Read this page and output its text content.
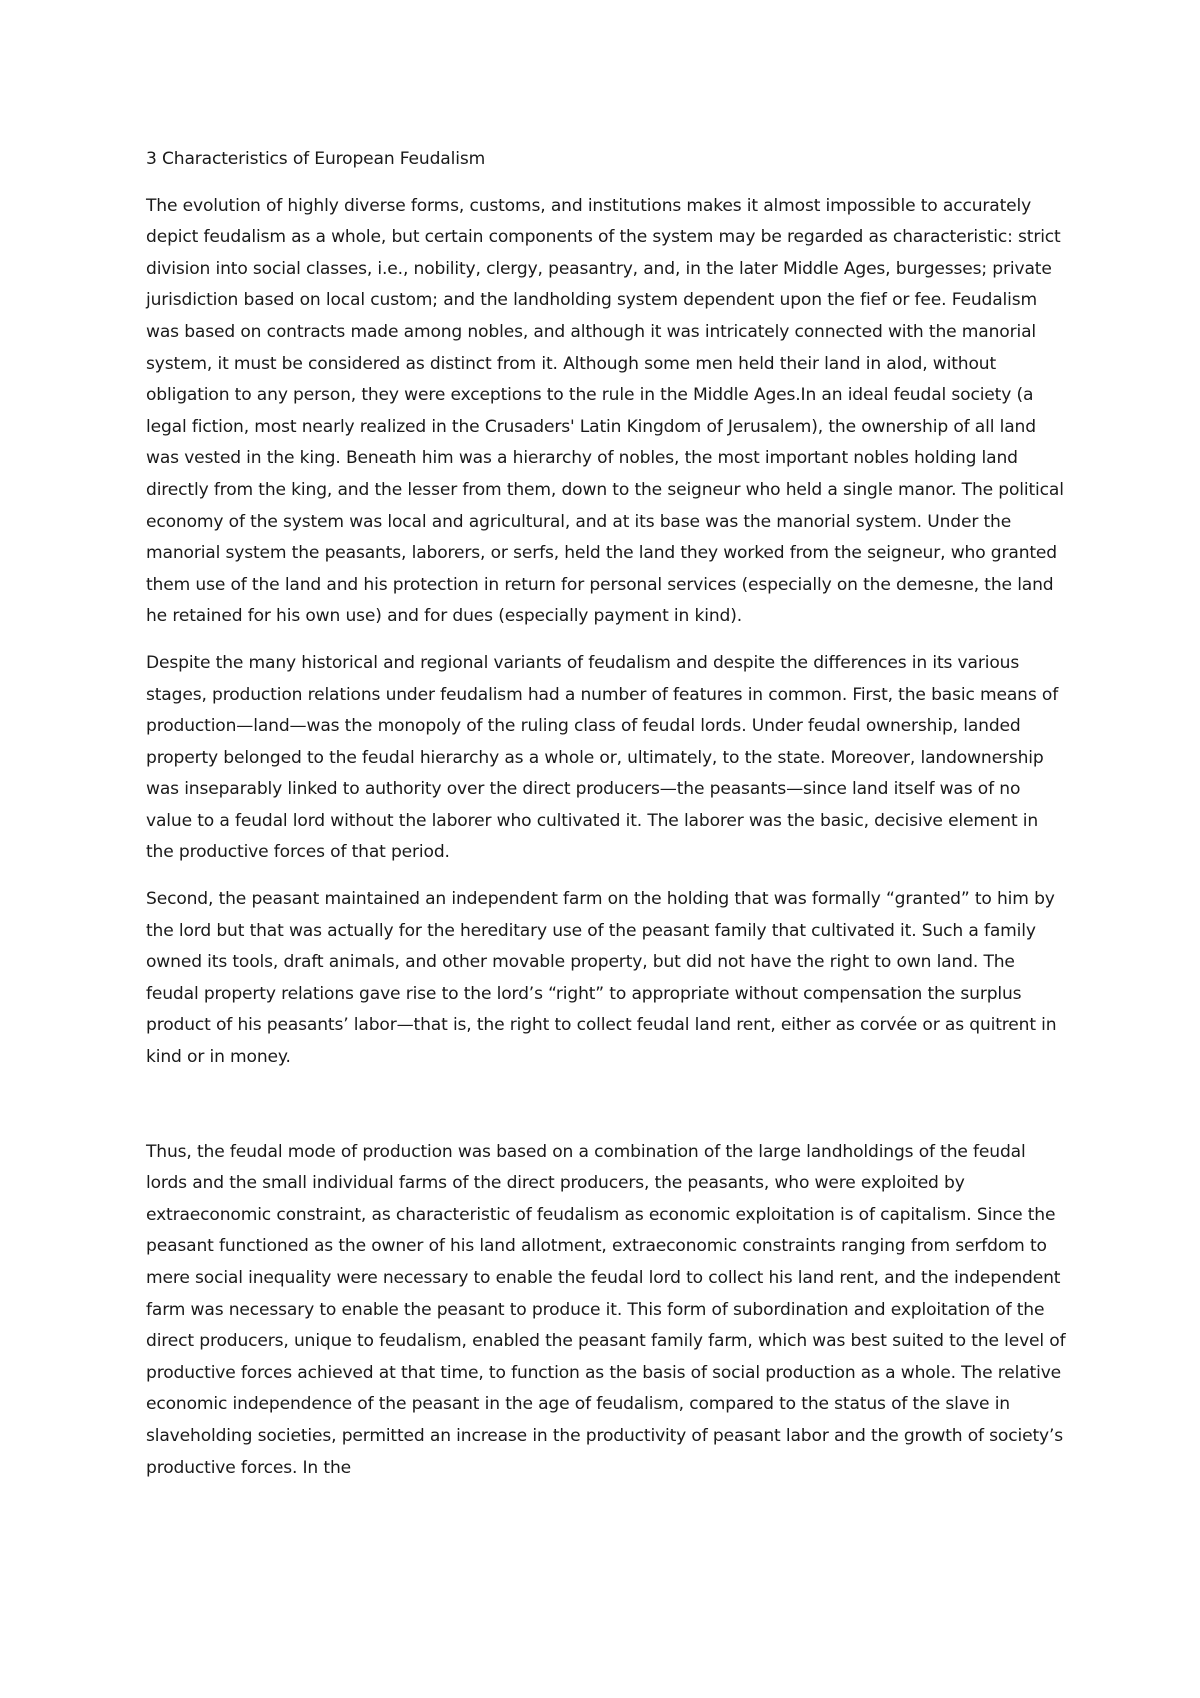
3 Characteristics of European Feudalism

The evolution of highly diverse forms, customs, and institutions makes it almost impossible to accurately depict feudalism as a whole, but certain components of the system may be regarded as characteristic: strict division into social classes, i.e., nobility, clergy, peasantry, and, in the later Middle Ages, burgesses; private jurisdiction based on local custom; and the landholding system dependent upon the fief or fee. Feudalism was based on contracts made among nobles, and although it was intricately connected with the manorial system, it must be considered as distinct from it. Although some men held their land in alod, without obligation to any person, they were exceptions to the rule in the Middle Ages.In an ideal feudal society (a legal fiction, most nearly realized in the Crusaders' Latin Kingdom of Jerusalem), the ownership of all land was vested in the king. Beneath him was a hierarchy of nobles, the most important nobles holding land directly from the king, and the lesser from them, down to the seigneur who held a single manor. The political economy of the system was local and agricultural, and at its base was the manorial system. Under the manorial system the peasants, laborers, or serfs, held the land they worked from the seigneur, who granted them use of the land and his protection in return for personal services (especially on the demesne, the land he retained for his own use) and for dues (especially payment in kind).

Despite the many historical and regional variants of feudalism and despite the differences in its various stages, production relations under feudalism had a number of features in common. First, the basic means of production—land—was the monopoly of the ruling class of feudal lords. Under feudal ownership, landed property belonged to the feudal hierarchy as a whole or, ultimately, to the state. Moreover, landownership was inseparably linked to authority over the direct producers—the peasants—since land itself was of no value to a feudal lord without the laborer who cultivated it. The laborer was the basic, decisive element in the productive forces of that period.

Second, the peasant maintained an independent farm on the holding that was formally “granted” to him by the lord but that was actually for the hereditary use of the peasant family that cultivated it. Such a family owned its tools, draft animals, and other movable property, but did not have the right to own land. The feudal property relations gave rise to the lord’s “right” to appropriate without compensation the surplus product of his peasants’ labor—that is, the right to collect feudal land rent, either as corvée or as quitrent in kind or in money.

Thus, the feudal mode of production was based on a combination of the large landholdings of the feudal lords and the small individual farms of the direct producers, the peasants, who were exploited by extraeconomic constraint, as characteristic of feudalism as economic exploitation is of capitalism. Since the peasant functioned as the owner of his land allotment, extraeconomic constraints ranging from serfdom to mere social inequality were necessary to enable the feudal lord to collect his land rent, and the independent farm was necessary to enable the peasant to produce it. This form of subordination and exploitation of the direct producers, unique to feudalism, enabled the peasant family farm, which was best suited to the level of productive forces achieved at that time, to function as the basis of social production as a whole. The relative economic independence of the peasant in the age of feudalism, compared to the status of the slave in slaveholding societies, permitted an increase in the productivity of peasant labor and the growth of society’s productive forces. In the
